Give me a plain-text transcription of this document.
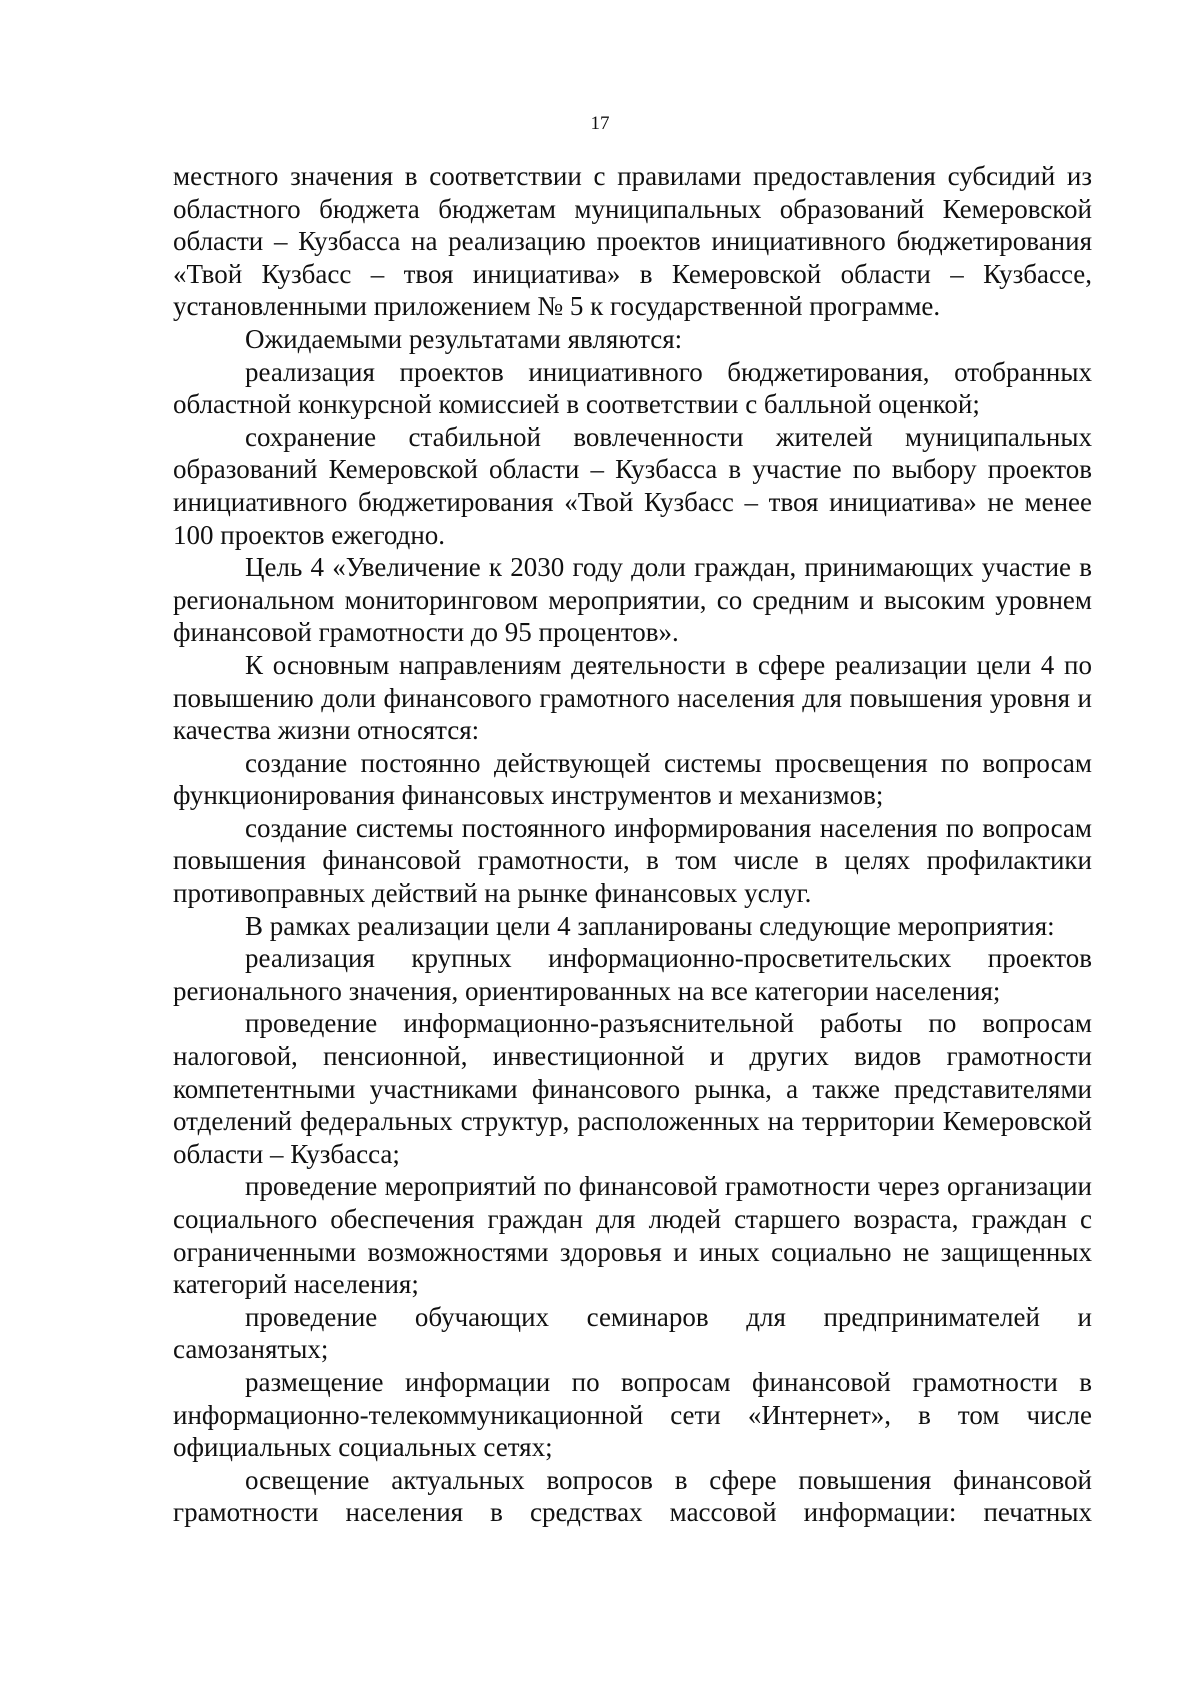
17

местного значения в соответствии с правилами предоставления субсидий из областного бюджета бюджетам муниципальных образований Кемеровской области – Кузбасса на реализацию проектов инициативного бюджетирования «Твой Кузбасс – твоя инициатива» в Кемеровской области – Кузбассе, установленными приложением № 5 к государственной программе.

Ожидаемыми результатами являются:

реализация проектов инициативного бюджетирования, отобранных областной конкурсной комиссией в соответствии с балльной оценкой;

сохранение стабильной вовлеченности жителей муниципальных образований Кемеровской области – Кузбасса в участие по выбору проектов инициативного бюджетирования «Твой Кузбасс – твоя инициатива» не менее 100 проектов ежегодно.

Цель 4 «Увеличение к 2030 году доли граждан, принимающих участие в региональном мониторинговом мероприятии, со средним и высоким уровнем финансовой грамотности до 95 процентов».

К основным направлениям деятельности в сфере реализации цели 4 по повышению доли финансового грамотного населения для повышения уровня и качества жизни относятся:

создание постоянно действующей системы просвещения по вопросам функционирования финансовых инструментов и механизмов;

создание системы постоянного информирования населения по вопросам повышения финансовой грамотности, в том числе в целях профилактики противоправных действий на рынке финансовых услуг.

В рамках реализации цели 4 запланированы следующие мероприятия:

реализация крупных информационно-просветительских проектов регионального значения, ориентированных на все категории населения;

проведение информационно-разъяснительной работы по вопросам налоговой, пенсионной, инвестиционной и других видов грамотности компетентными участниками финансового рынка, а также представителями отделений федеральных структур, расположенных на территории Кемеровской области – Кузбасса;

проведение мероприятий по финансовой грамотности через организации социального обеспечения граждан для людей старшего возраста, граждан с ограниченными возможностями здоровья и иных социально не защищенных категорий населения;

проведение обучающих семинаров для предпринимателей и самозанятых;

размещение информации по вопросам финансовой грамотности в информационно-телекоммуникационной сети «Интернет», в том числе официальных социальных сетях;

освещение актуальных вопросов в сфере повышения финансовой грамотности населения в средствах массовой информации: печатных
